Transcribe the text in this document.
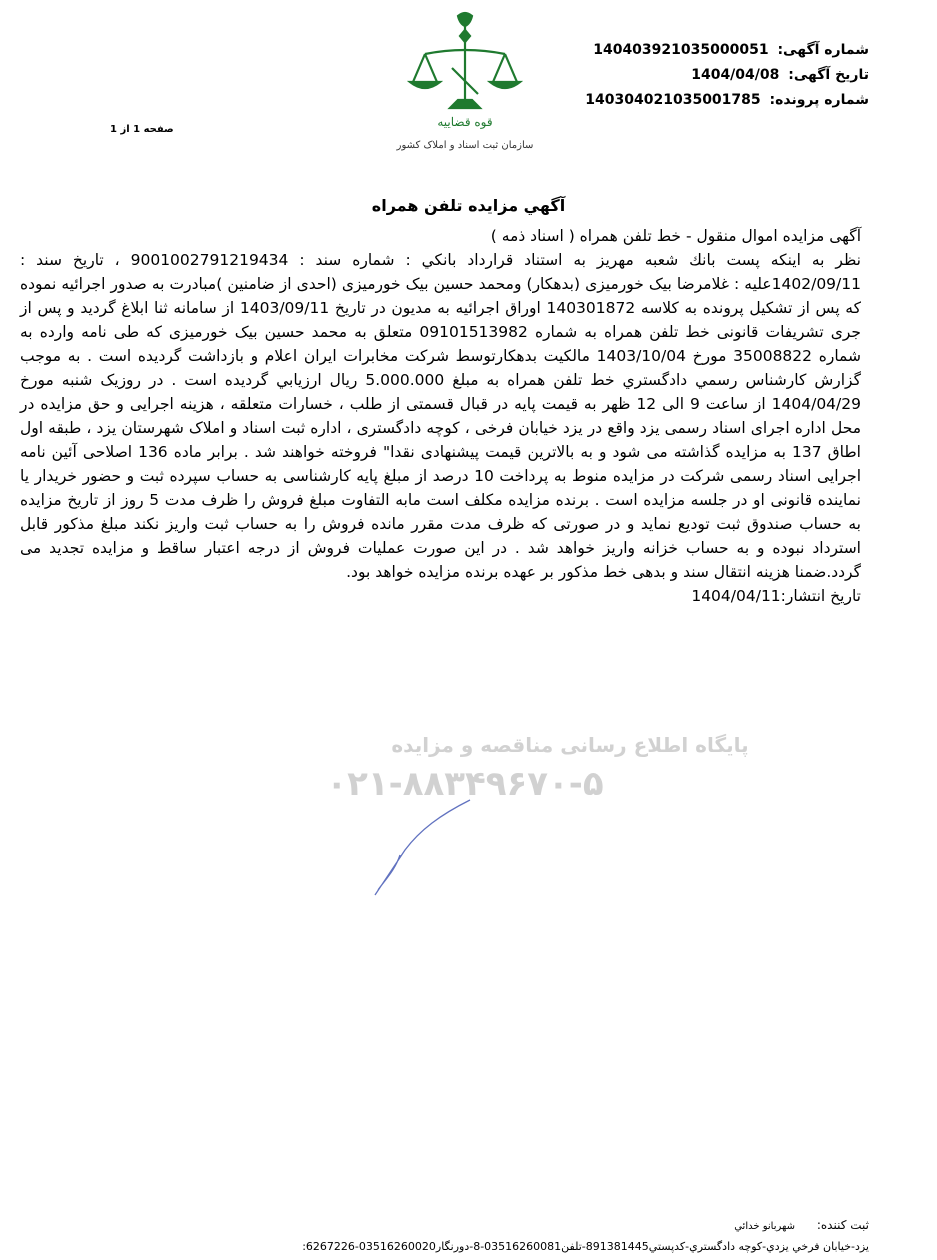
شماره آگهی: 14040392103500005​1
تاریخ آگهی: 1404/04/08
شماره پرونده: 14030402103500178​5
صفحه 1 از 1
قوه قضاییه
سازمان ثبت اسناد و املاک کشور
آگهي مزايده تلفن همراه

آگهی مزایده اموال منقول - خط تلفن همراه ( اسناد ذمه )

نظر به اینکه پست بانك شعبه مهریز به استناد قرارداد بانکي : شماره سند : 9001002791219434 ، تاریخ سند : 1402/09/11علیه : غلامرضا بیک خورمیزی (بدهکار) ومحمد حسین بیک خورمیزی (احدی از ضامنین )مبادرت به صدور اجرائیه نموده که پس از تشکیل پرونده به کلاسه 140301872 اوراق اجرائیه به مدیون در تاریخ 1403/09/11 از سامانه ثنا ابلاغ گردید و پس از جری تشریفات قانونی خط تلفن همراه به شماره 09101513982 متعلق به محمد حسین بیک خورمیزی که طی نامه وارده به شماره 35008822 مورخ 1403/10/04 مالکیت بدهکارتوسط شرکت مخابرات ایران اعلام و بازداشت گردیده است . به موجب گزارش کارشناس رسمي دادگستري خط تلفن همراه به مبلغ 5.000.000 ريال ارزيابي گرديده است . در روزیک شنبه مورخ 1404/04/29 از ساعت 9 الی 12 ظهر به قیمت پایه در قبال قسمتی از طلب ، خسارات متعلقه ، هزینه اجرایی و حق مزایده در محل اداره اجرای اسناد رسمی یزد واقع در یزد خیابان فرخی ، کوچه دادگستری ، اداره ثبت اسناد و املاک شهرستان یزد ، طبقه اول اطاق 137 به مزایده گذاشته می شود و به بالاترین قیمت پیشنهادی نقدا" فروخته خواهند شد . برابر ماده 136 اصلاحی آئین نامه اجرایی اسناد رسمی شرکت در مزایده منوط به پرداخت 10 درصد از مبلغ پایه کارشناسی به حساب سپرده ثبت و حضور خریدار یا نماینده قانونی او در جلسه مزایده است . برنده مزایده مکلف است مابه التفاوت مبلغ فروش را ظرف مدت 5 روز از تاریخ مزایده به حساب صندوق ثبت تودیع نماید و در صورتی که ظرف مدت مقرر مانده فروش را به حساب ثبت واریز نکند مبلغ مذکور قابل استرداد نبوده و به حساب خزانه واریز خواهد شد . در این صورت عملیات فروش از درجه اعتبار ساقط و مزایده تجدید می گردد.ضمنا هزینه انتقال سند و بدهی خط مذکور بر عهده برنده مزایده خواهد بود.

تاریخ انتشار:1404/04/11

پایگاه اطلاع رسانی مناقصه و مزایده
۰۲۱-۸۸۳۴۹۶۷۰-۵
ثبت کننده: شهربانو خدائي
یزد-خیابان فرخي يزدي-کوچه دادگستري-کدپستي891381445-تلفن03516260081-8-دورنگار03516260020-6267226:
